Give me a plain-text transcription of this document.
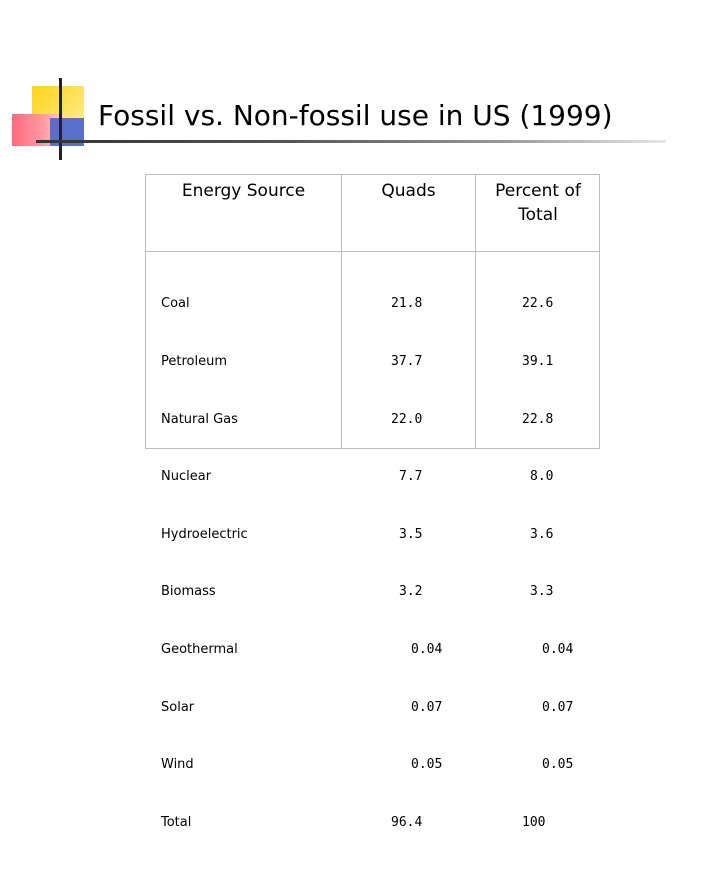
Fossil vs. Non-fossil use in US (1999)
Energy Source	Quads	Percent of
Total

Coal

Petroleum

Natural Gas

Nuclear

Hydroelectric

Biomass

Geothermal

Solar

Wind

Total

21.8

37.7

22.0

7.7

3.5

3.2

0.04

0.07

0.05

96.4

22.6

39.1

22.8

8.0

3.6

3.3

0.04

0.07

0.05

100
